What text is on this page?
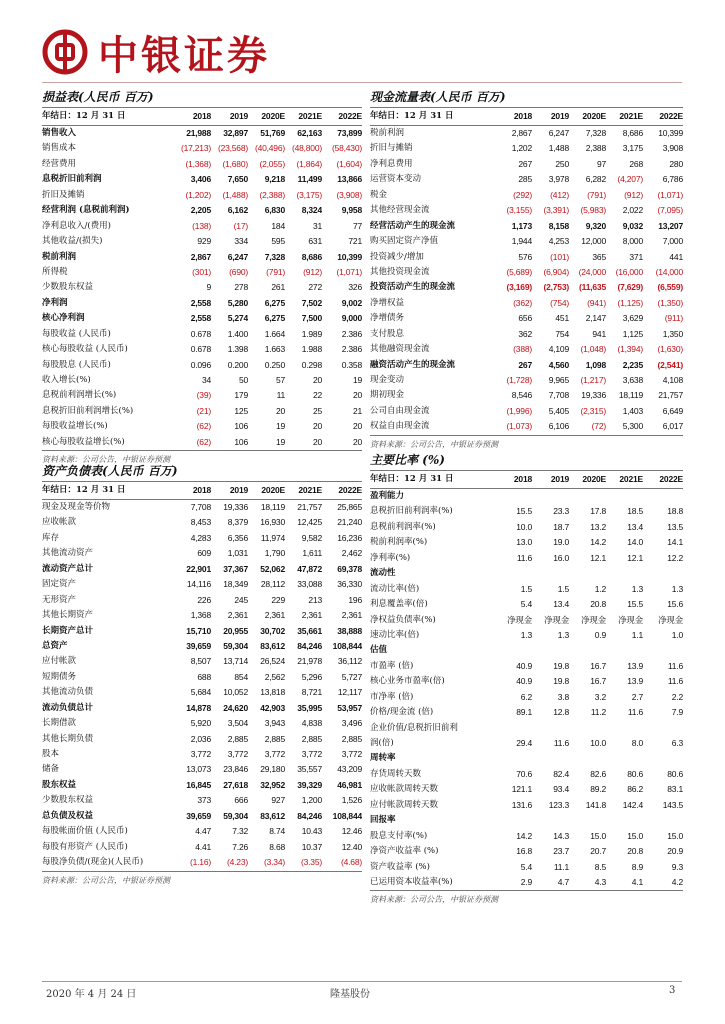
中银证券
损益表(人民币 百万)
年结日：12 月 31 日	2018	2019	2020E	2021E	2022E
销售收入	21,988	32,897	51,769	62,163	73,899
销售成本	(17,213) (23,568) (40,496) (48,800)	(58,430)
经营费用	(1,368)	(1,680)	(2,055)	(1,864)	(1,604)
息税折旧前利润	3,406	7,650	9,218	11,499	13,866
折旧及摊销	(1,202)	(1,488)	(2,388)	(3,175)	(3,908)
经营利润 (息税前利润)	2,205	6,162	6,830	8,324	9,958
净利息收入/(费用)	(138)	(17)	184	31	77
其他收益/(损失)	929	334	595	631	721
税前利润	2,867	6,247	7,328	8,686	10,399
所得税	(301)	(690)	(791)	(912)	(1,071)
少数股东权益	9	278	261	272	326
净利润	2,558	5,280	6,275	7,502	9,002
核心净利润	2,558	5,274	6,275	7,500	9,000
每股收益 (人民币)	0.678	1.400	1.664	1.989	2.386
核心每股收益 (人民币)	0.678	1.398	1.663	1.988	2.386
每股股息 (人民币)	0.096	0.200	0.250	0.298	0.358
收入增长(%)	34	50	57	20	19
息税前利润增长(%)	(39)	179	11	22	20
息税折旧前利润增长(%)	(21)	125	20	25	21
每股收益增长(%)	(62)	106	19	20	20
核心每股收益增长(%)	(62)	106	19	20	20
资料来源：公司公告，中银证券预测
资产负债表(人民币 百万)
年结日：12 月 31 日	2018	2019	2020E	2021E	2022E
现金及现金等价物	7,708	19,336	18,119	21,757	25,865
应收帐款	8,453	8,379	16,930	12,425	21,240
库存	4,283	6,356	11,974	9,582	16,236
其他流动资产	609	1,031	1,790	1,611	2,462
流动资产总计	22,901	37,367	52,062	47,872	69,378
固定资产	14,116	18,349	28,112	33,088	36,330
无形资产	226	245	229	213	196
其他长期资产	1,368	2,361	2,361	2,361	2,361
长期资产总计	15,710	20,955	30,702	35,661	38,888
总资产	39,659	59,304	83,612	84,246	108,844
应付帐款	8,507	13,714	26,524	21,978	36,112
短期债务	688	854	2,562	5,296	5,727
其他流动负债	5,684	10,052	13,818	8,721	12,117
流动负债总计	14,878	24,620	42,903	35,995	53,957
长期借款	5,920	3,504	3,943	4,838	3,496
其他长期负债	2,036	2,885	2,885	2,885	2,885
股本	3,772	3,772	3,772	3,772	3,772
储备	13,073	23,846	29,180	35,557	43,209
股东权益	16,845	27,618	32,952	39,329	46,981
少数股东权益	373	666	927	1,200	1,526
总负债及权益	39,659	59,304	83,612	84,246	108,844
每股帐面价值 (人民币)	4.47	7.32	8.74	10.43	12.46
每股有形资产 (人民币)	4.41	7.26	8.68	10.37	12.40
每股净负债/(现金)(人民币)	(1.16)	(4.23)	(3.34)	(3.35)	(4.68)
资料来源：公司公告，中银证券预测
现金流量表(人民币 百万)
年结日：12 月 31 日	2018	2019	2020E	2021E	2022E
税前利润	2,867	6,247	7,328	8,686	10,399
折旧与摊销	1,202	1,488	2,388	3,175	3,908
净利息费用	267	250	97	268	280
运营资本变动	285	3,978	6,282	(4,207)	6,786
税金	(292)	(412)	(791)	(912)	(1,071)
其他经营现金流	(3,155)	(3,391)	(5,983)	2,022	(7,095)
经营活动产生的现金流	1,173	8,158	9,320	9,032	13,207
购买固定资产净值	1,944	4,253	12,000	8,000	7,000
投资减少/增加	576	(101)	365	371	441
其他投资现金流	(5,689)	(6,904)	(24,000	(16,000	(14,000
投资活动产生的现金流	(3,169)	(2,753)	(11,635	(7,629)	(6,559)
净增权益	(362)	(754)	(941)	(1,125)	(1,350)
净增债务	656	451	2,147	3,629	(911)
支付股息	362	754	941	1,125	1,350
其他融资现金流	(388)	4,109	(1,048)	(1,394)	(1,630)
融资活动产生的现金流	267	4,560	1,098	2,235	(2,541)
现金变动	(1,728)	9,965	(1,217)	3,638	4,108
期初现金	8,546	7,708	19,336	18,119	21,757
公司自由现金流	(1,996)	5,405	(2,315)	1,403	6,649
权益自由现金流	(1,073)	6,106	(72)	5,300	6,017
资料来源：公司公告，中银证券预测
主要比率 (%)
年结日：12 月 31 日	2018	2019	2020E	2021E	2022E
盈利能力
息税折旧前利润率(%)	15.5	23.3	17.8	18.5	18.8
息税前利润率(%)	10.0	18.7	13.2	13.4	13.5
税前利润率(%)	13.0	19.0	14.2	14.0	14.1
净利率(%)	11.6	16.0	12.1	12.1	12.2
流动性
流动比率(倍)	1.5	1.5	1.2	1.3	1.3
利息覆盖率(倍)	5.4	13.4	20.8	15.5	15.6
净权益负债率(%)	净现金	净现金	净现金	净现金	净现金
速动比率(倍)	1.3	1.3	0.9	1.1	1.0
估值
市盈率 (倍)	40.9	19.8	16.7	13.9	11.6
核心业务市盈率(倍)	40.9	19.8	16.7	13.9	11.6
市净率 (倍)	6.2	3.8	3.2	2.7	2.2
价格/现金流 (倍)	89.1	12.8	11.2	11.6	7.9
企业价值/息税折旧前利
润(倍)	29.4	11.6	10.0	8.0	6.3
周转率
存货周转天数	70.6	82.4	82.6	80.6	80.6
应收帐款周转天数	121.1	93.4	89.2	86.2	83.1
应付帐款周转天数	131.6	123.3	141.8	142.4	143.5
回报率
股息支付率(%)	14.2	14.3	15.0	15.0	15.0
净资产收益率 (%)	16.8	23.7	20.7	20.8	20.9
资产收益率 (%)	5.4	11.1	8.5	8.9	9.3
已运用资本收益率(%)	2.9	4.7	4.3	4.1	4.2
资料来源：公司公告，中银证券预测
2020 年 4 月 24 日	隆基股份	3
